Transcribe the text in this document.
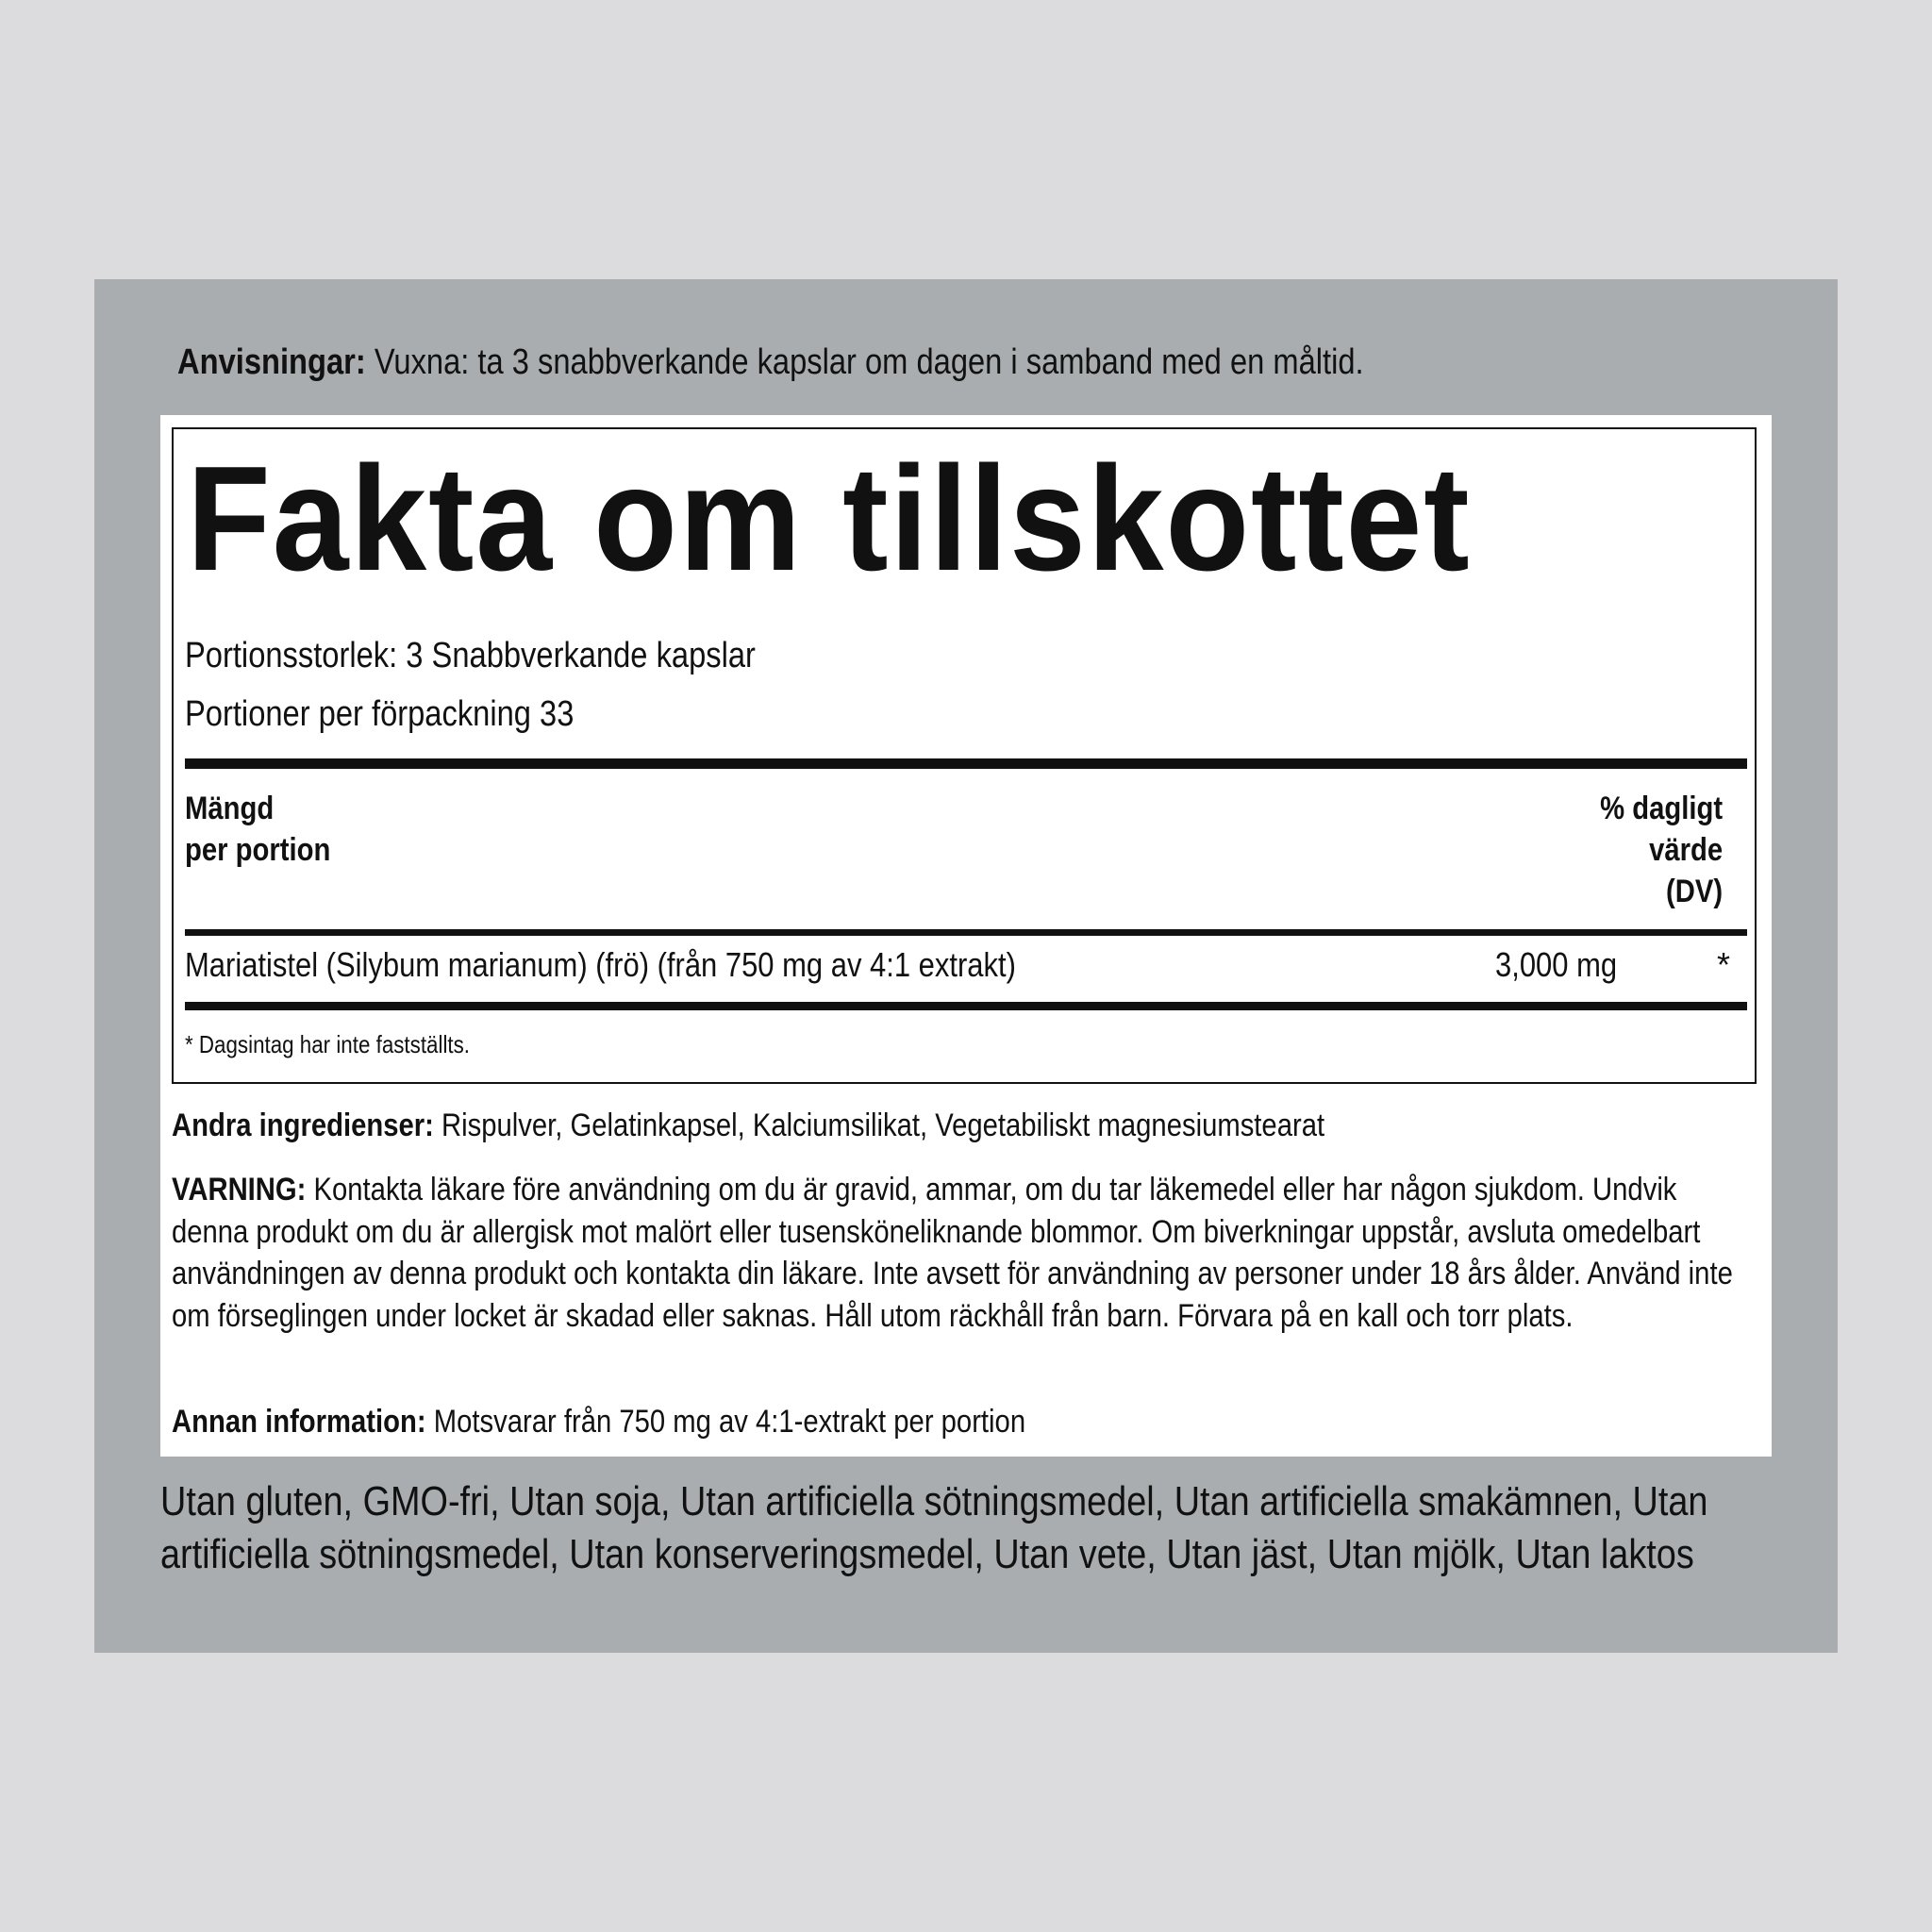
Anvisningar: Vuxna: ta 3 snabbverkande kapslar om dagen i samband med en måltid.
Fakta om tillskottet
Portionsstorlek: 3 Snabbverkande kapslar
Portioner per förpackning 33
Mängd
per portion
% dagligt
värde
(DV)
Mariatistel (Silybum marianum) (frö) (från 750 mg av 4:1 extrakt)	3,000 mg	*
* Dagsintag har inte fastställts.
Andra ingredienser: Rispulver, Gelatinkapsel, Kalciumsilikat, Vegetabiliskt magnesiumstearat
VARNING: Kontakta läkare före användning om du är gravid, ammar, om du tar läkemedel eller har någon sjukdom. Undvik denna produkt om du är allergisk mot malört eller tusensköneliknande blommor. Om biverkningar uppstår, avsluta omedelbart användningen av denna produkt och kontakta din läkare. Inte avsett för användning av personer under 18 års ålder. Använd inte om förseglingen under locket är skadad eller saknas. Håll utom räckhåll från barn. Förvara på en kall och torr plats.
Annan information: Motsvarar från 750 mg av 4:1-extrakt per portion
Utan gluten, GMO-fri, Utan soja, Utan artificiella sötningsmedel, Utan artificiella smakämnen, Utan artificiella sötningsmedel, Utan konserveringsmedel, Utan vete, Utan jäst, Utan mjölk, Utan laktos
